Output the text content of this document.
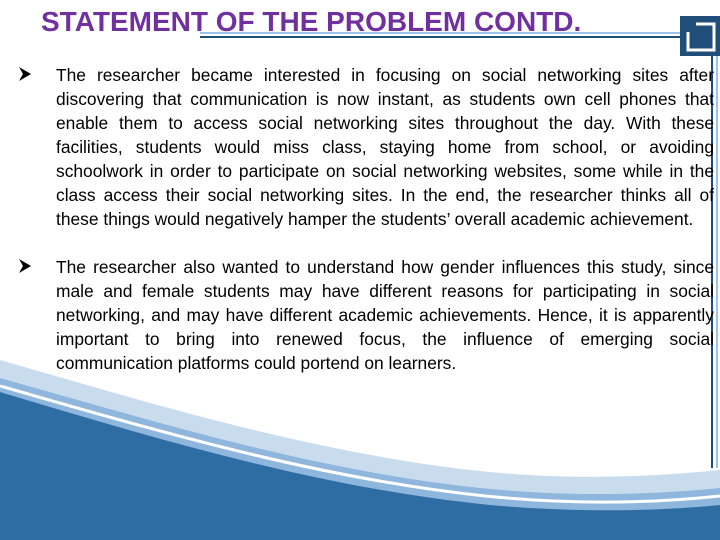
STATEMENT OF THE PROBLEM CONTD.

The researcher became interested in focusing on social networking sites after discovering that communication is now instant, as students own cell phones that enable them to access social networking sites throughout the day. With these facilities, students would miss class, staying home from school, or avoiding schoolwork in order to participate on social networking websites, some while in the class access their social networking sites. In the end, the researcher thinks all of these things would negatively hamper the students’ overall academic achievement.

The researcher also wanted to understand how gender influences this study, since male and female students may have different reasons for participating in social networking, and may have different academic achievements. Hence, it is apparently important to bring into renewed focus, the influence of emerging social communication platforms could portend on learners.
